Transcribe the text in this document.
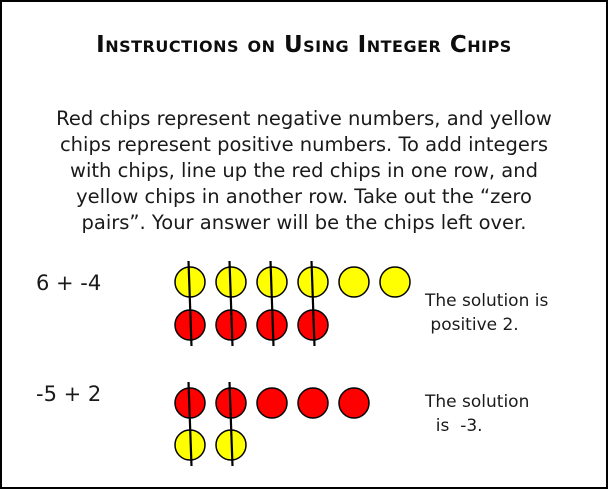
Instructions on Using Integer Chips
Red chips represent negative numbers, and yellow
chips represent positive numbers. To add integers
with chips, line up the red chips in one row, and
yellow chips in another row. Take out the “zero
pairs”. Your answer will be the chips left over.
6 + -4
-5 + 2
The solution is
positive 2.
The solution
is  -3.
